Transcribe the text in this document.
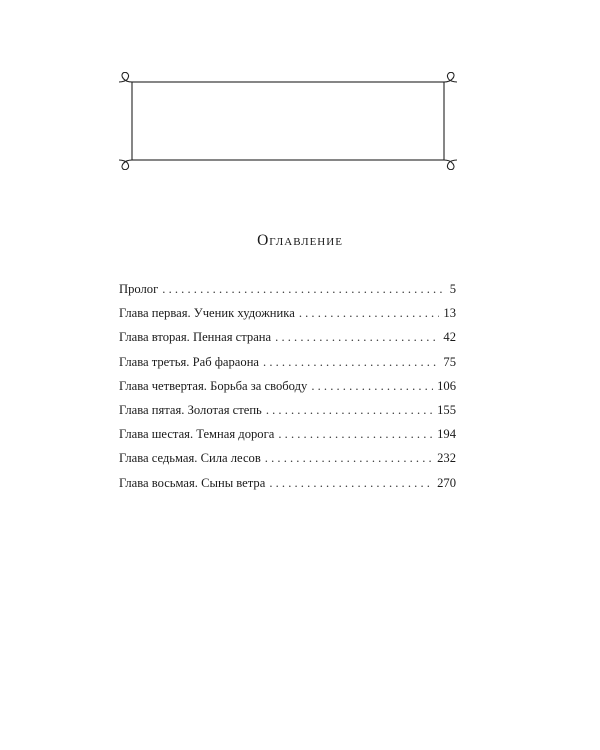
Оглавление
Пролог . . .	5
Глава первая. Ученик художника . . .	13
Глава вторая. Пенная страна . . .	42
Глава третья. Раб фараона . . .	75
Глава четвертая. Борьба за свободу . . .	106
Глава пятая. Золотая степь . . .	155
Глава шестая. Темная дорога . . .	194
Глава седьмая. Сила лесов . . .	232
Глава восьмая. Сыны ветра . . .	270
